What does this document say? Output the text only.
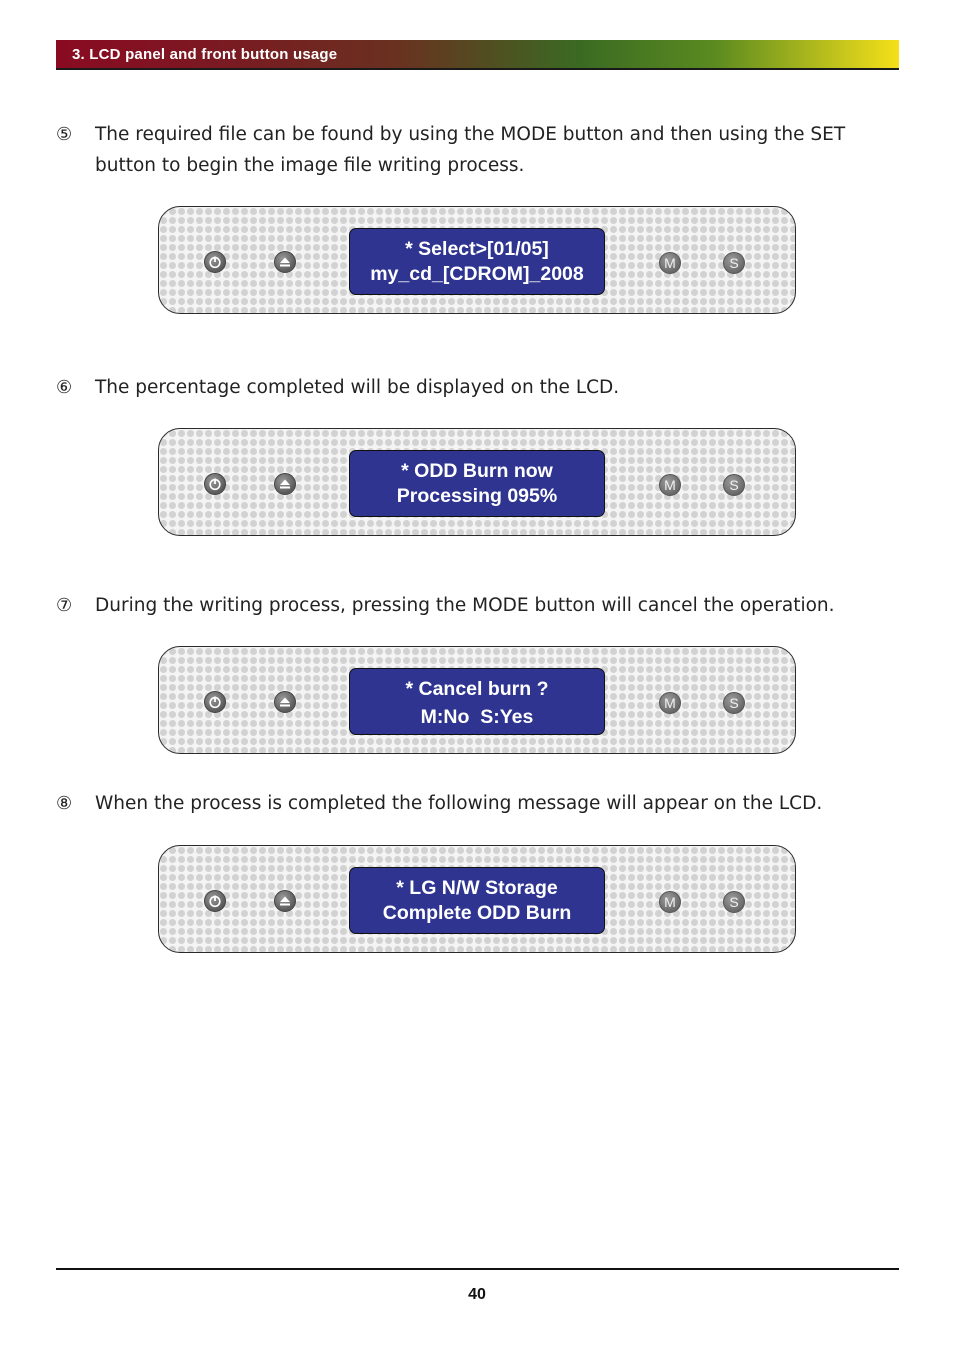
3. LCD panel and front button usage
⑤	The required file can be found by using the MODE button and then using the SET
button to begin the image file writing process.
* Select>[01/05]
my_cd_[CDROM]_2008	M	S
⑥	The percentage completed will be displayed on the LCD.
* ODD Burn now
Processing 095%	M	S
⑦	During the writing process, pressing the MODE button will cancel the operation.
* Cancel burn ?
M:No  S:Yes
M	S
⑧	When the process is completed the following message will appear on the LCD.
* LG N/W Storage
Complete ODD Burn	M	S
40
